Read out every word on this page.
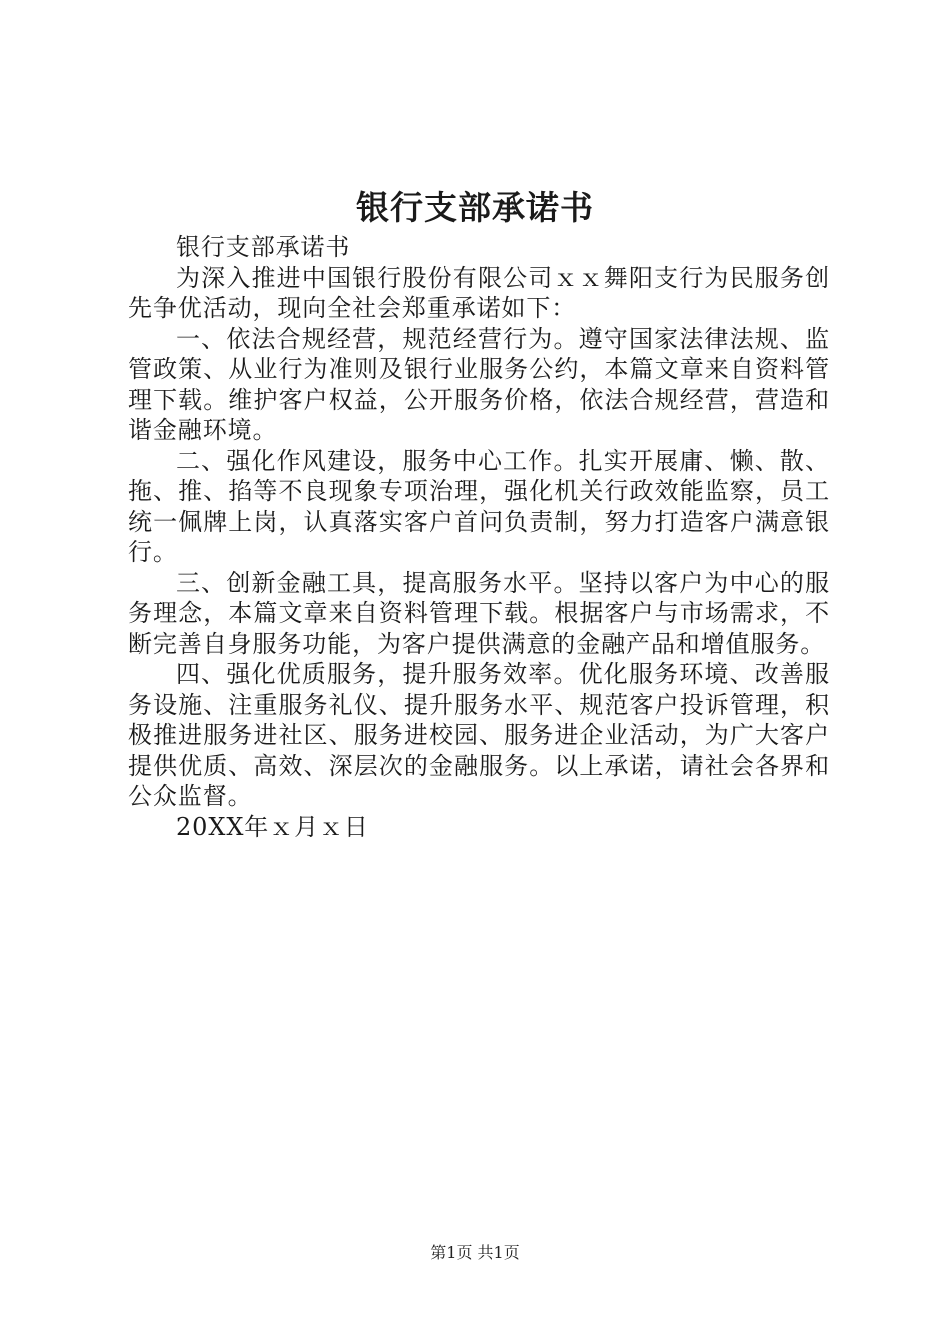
银行支部承诺书

银行支部承诺书

为深入推进中国银行股份有限公司ｘｘ舞阳支行为民服务创先争优活动，现向全社会郑重承诺如下：

一、依法合规经营，规范经营行为。遵守国家法律法规、监管政策、从业行为准则及银行业服务公约，本篇文章来自资料管理下载。维护客户权益，公开服务价格，依法合规经营，营造和谐金融环境。

二、强化作风建设，服务中心工作。扎实开展庸、懒、散、拖、推、掐等不良现象专项治理，强化机关行政效能监察，员工统一佩牌上岗，认真落实客户首问负责制，努力打造客户满意银行。

三、创新金融工具，提高服务水平。坚持以客户为中心的服务理念，本篇文章来自资料管理下载。根据客户与市场需求，不断完善自身服务功能，为客户提供满意的金融产品和增值服务。

四、强化优质服务，提升服务效率。优化服务环境、改善服务设施、注重服务礼仪、提升服务水平、规范客户投诉管理，积极推进服务进社区、服务进校园、服务进企业活动，为广大客户提供优质、高效、深层次的金融服务。以上承诺，请社会各界和公众监督。

20XX年ｘ月ｘ日

第1页 共1页
